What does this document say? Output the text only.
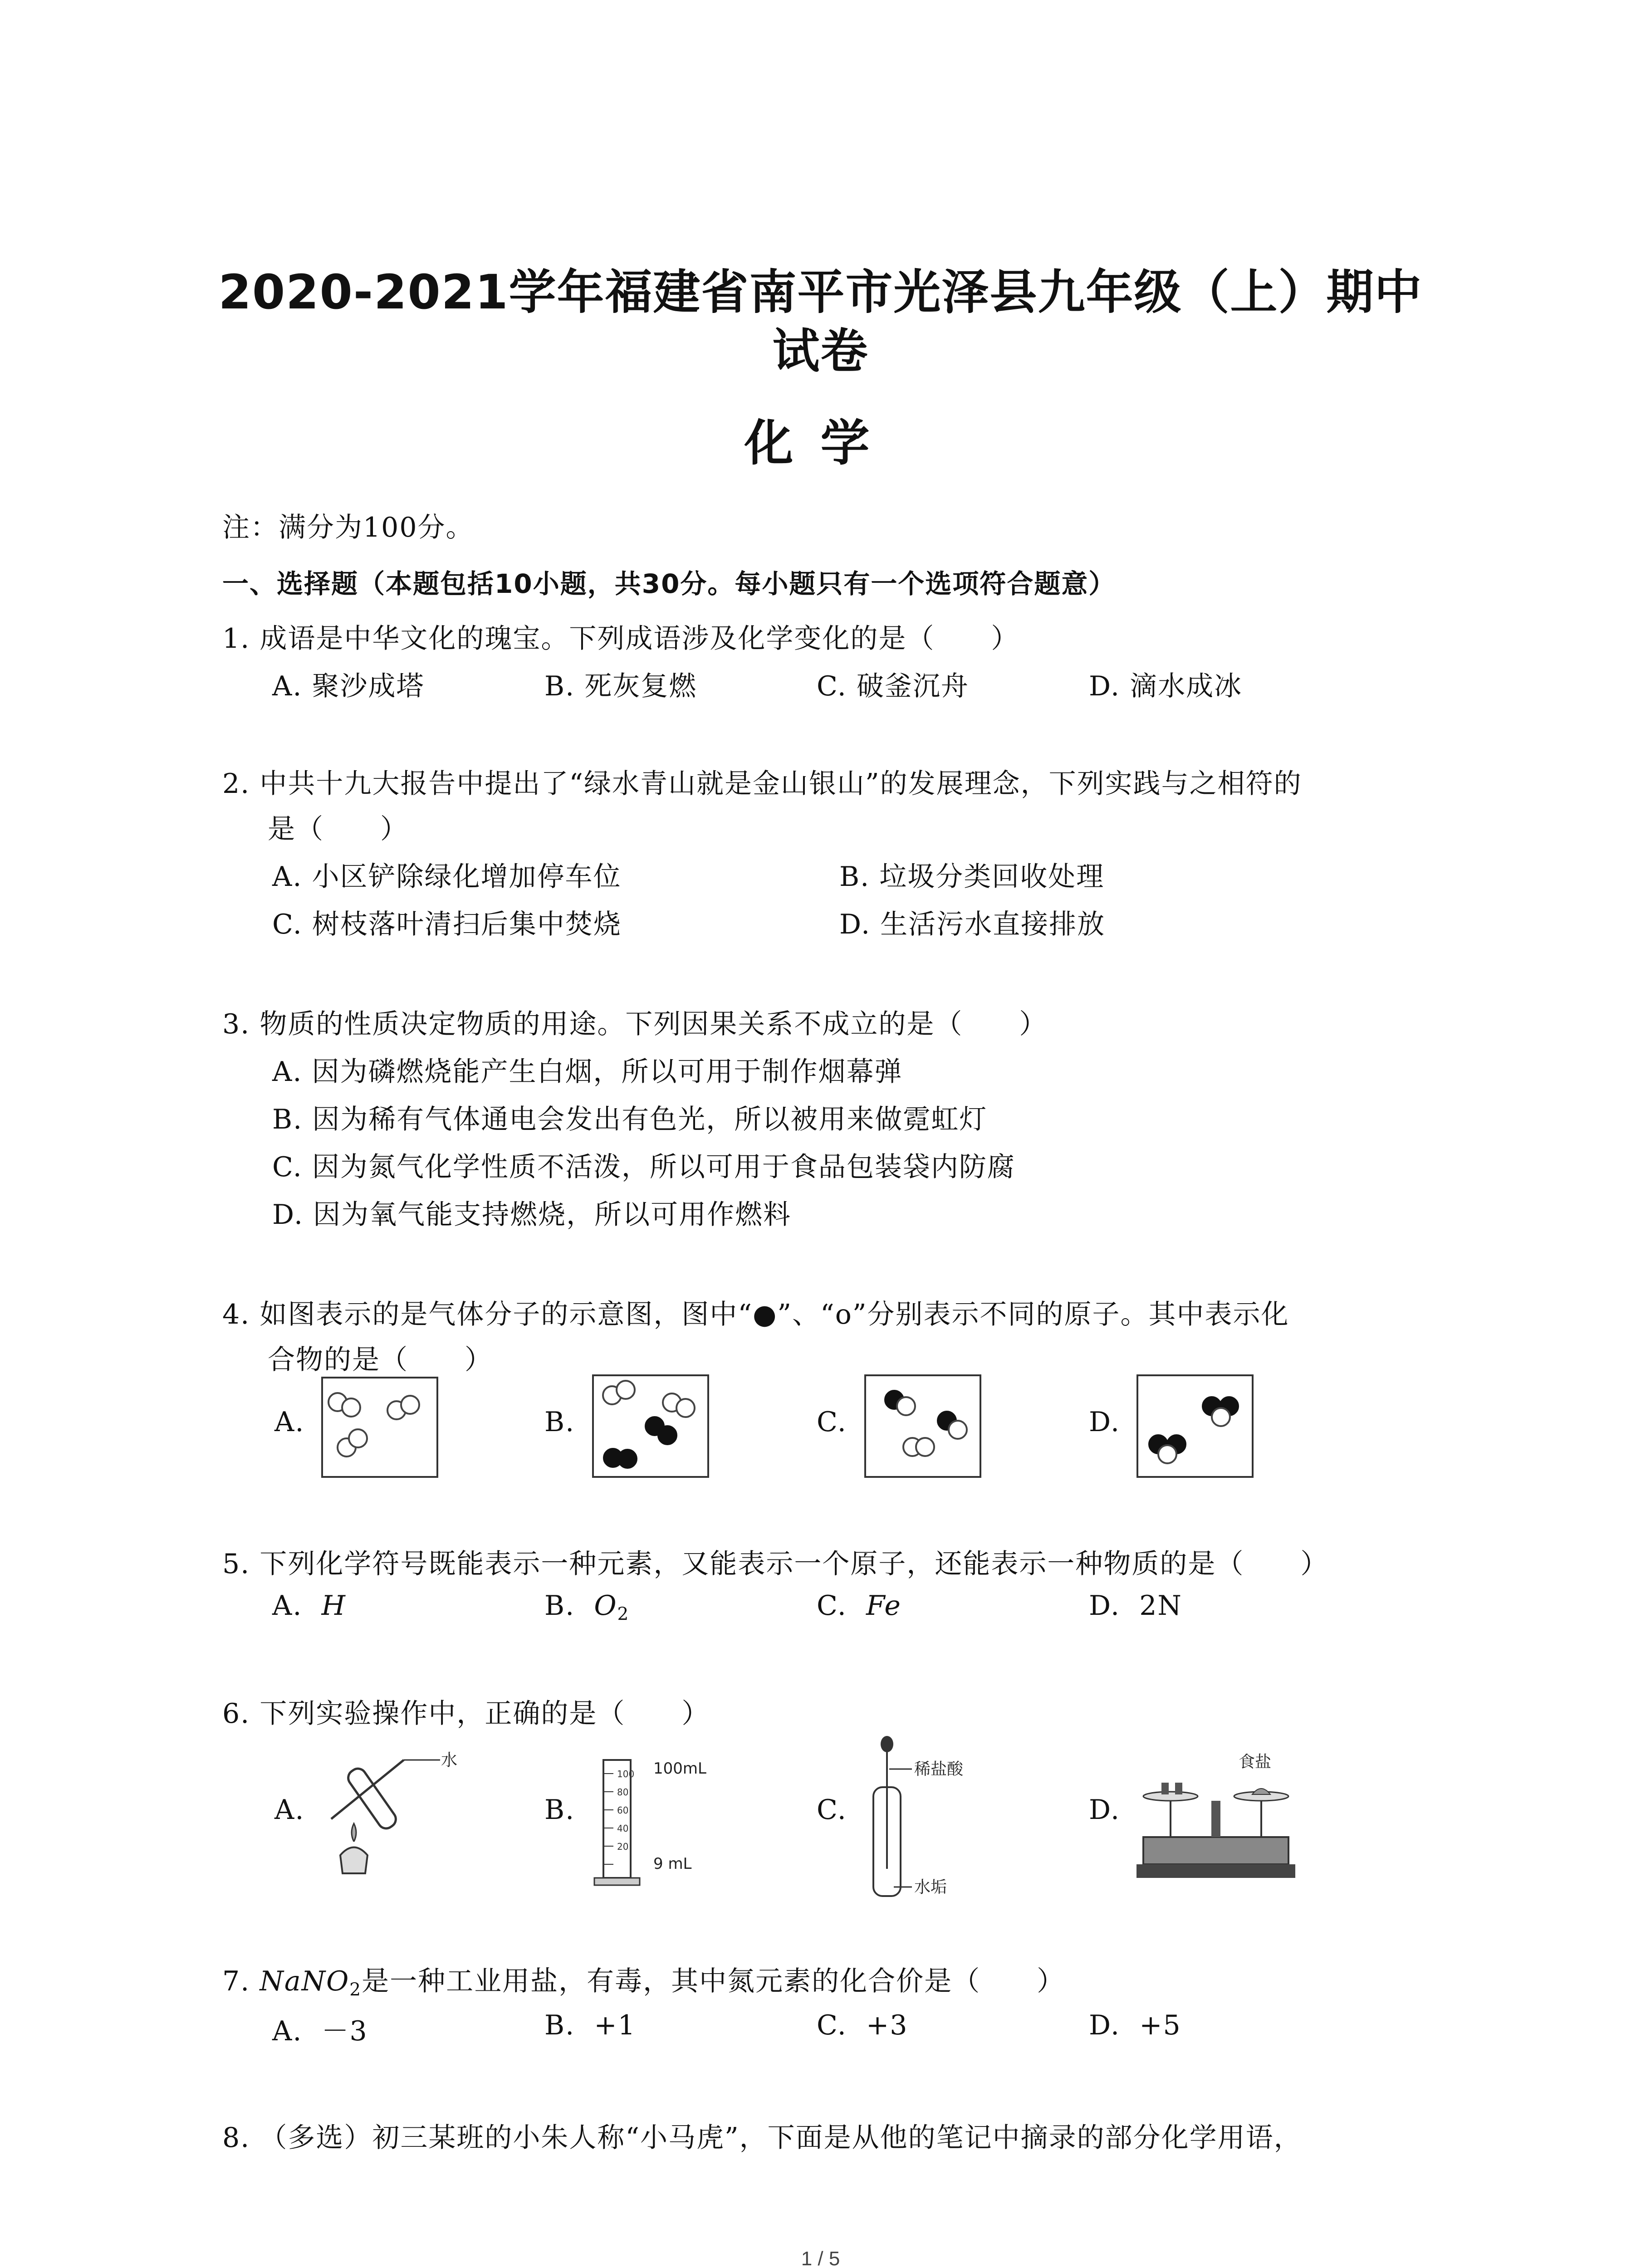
2020-2021学年福建省南平市光泽县九年级（上）期中
试卷
化学
注：满分为100分。
一、选择题（本题包括10小题，共30分。每小题只有一个选项符合题意）
1. 成语是中华文化的瑰宝。下列成语涉及化学变化的是（　　）
A. 聚沙成塔	B. 死灰复燃	C. 破釜沉舟	D. 滴水成冰
2. 中共十九大报告中提出了“绿水青山就是金山银山”的发展理念，下列实践与之相符的
是（　　）
A. 小区铲除绿化增加停车位	B. 垃圾分类回收处理
C. 树枝落叶清扫后集中焚烧	D. 生活污水直接排放
3. 物质的性质决定物质的用途。下列因果关系不成立的是（　　）
A. 因为磷燃烧能产生白烟，所以可用于制作烟幕弹
B. 因为稀有气体通电会发出有色光，所以被用来做霓虹灯
C. 因为氮气化学性质不活泼，所以可用于食品包装袋内防腐
D. 因为氧气能支持燃烧，所以可用作燃料
4. 如图表示的是气体分子的示意图，图中“●”、“o”分别表示不同的原子。其中表示化
合物的是（　　）
A.	B.	C.	D.
5. 下列化学符号既能表示一种元素，又能表示一个原子，还能表示一种物质的是（　　）
A. H	B. $O_2$	C. Fe	D. 2N
6. 下列实验操作中，正确的是（　　）
A.
水
B.
100
80
60
40
20
100mL
9 mL
C.
稀盐酸
水垢
D.
食盐
7. NaNO$_2$是一种工业用盐，有毒，其中氮元素的化合价是（　　）
A. －3	B. +1	C. +3	D. +5
8. （多选）初三某班的小朱人称“小马虎”，下面是从他的笔记中摘录的部分化学用语，
1 / 5
